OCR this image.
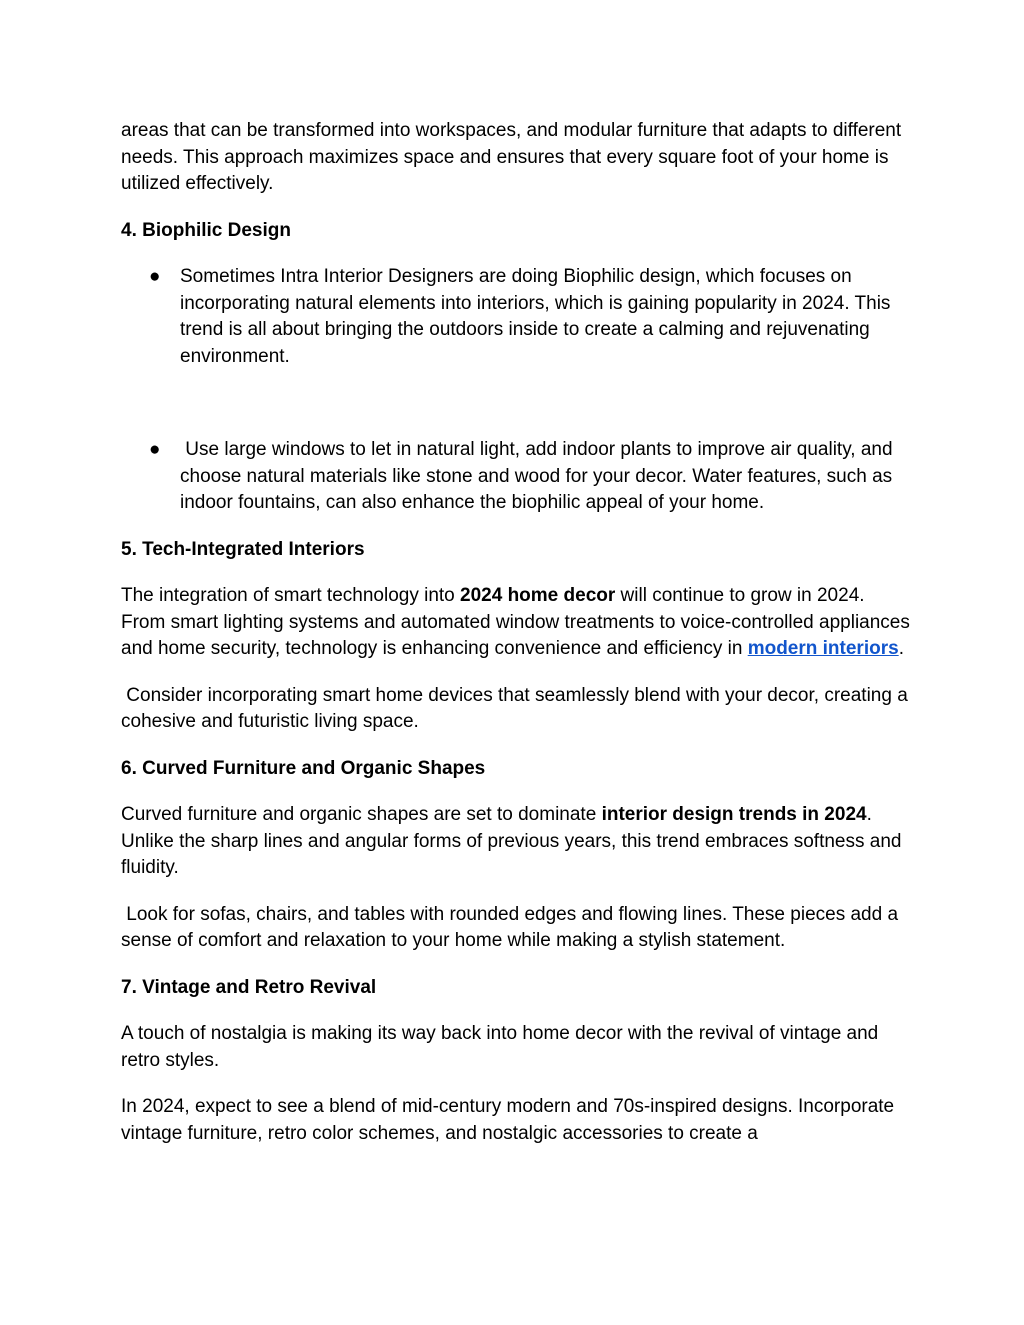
areas that can be transformed into workspaces, and modular furniture that adapts to different needs. This approach maximizes space and ensures that every square foot of your home is utilized effectively.

4. Biophilic Design
● Sometimes Intra Interior Designers are doing Biophilic design, which focuses on incorporating natural elements into interiors, which is gaining popularity in 2024. This trend is all about bringing the outdoors inside to create a calming and rejuvenating environment.
● Use large windows to let in natural light, add indoor plants to improve air quality, and choose natural materials like stone and wood for your decor. Water features, such as indoor fountains, can also enhance the biophilic appeal of your home.
5. Tech-Integrated Interiors

The integration of smart technology into 2024 home decor will continue to grow in 2024. From smart lighting systems and automated window treatments to voice-controlled appliances and home security, technology is enhancing convenience and efficiency in modern interiors.

Consider incorporating smart home devices that seamlessly blend with your decor, creating a cohesive and futuristic living space.

6. Curved Furniture and Organic Shapes

Curved furniture and organic shapes are set to dominate interior design trends in 2024. Unlike the sharp lines and angular forms of previous years, this trend embraces softness and fluidity.

Look for sofas, chairs, and tables with rounded edges and flowing lines. These pieces add a sense of comfort and relaxation to your home while making a stylish statement.

7. Vintage and Retro Revival

A touch of nostalgia is making its way back into home decor with the revival of vintage and retro styles.

In 2024, expect to see a blend of mid-century modern and 70s-inspired designs. Incorporate vintage furniture, retro color schemes, and nostalgic accessories to create a
